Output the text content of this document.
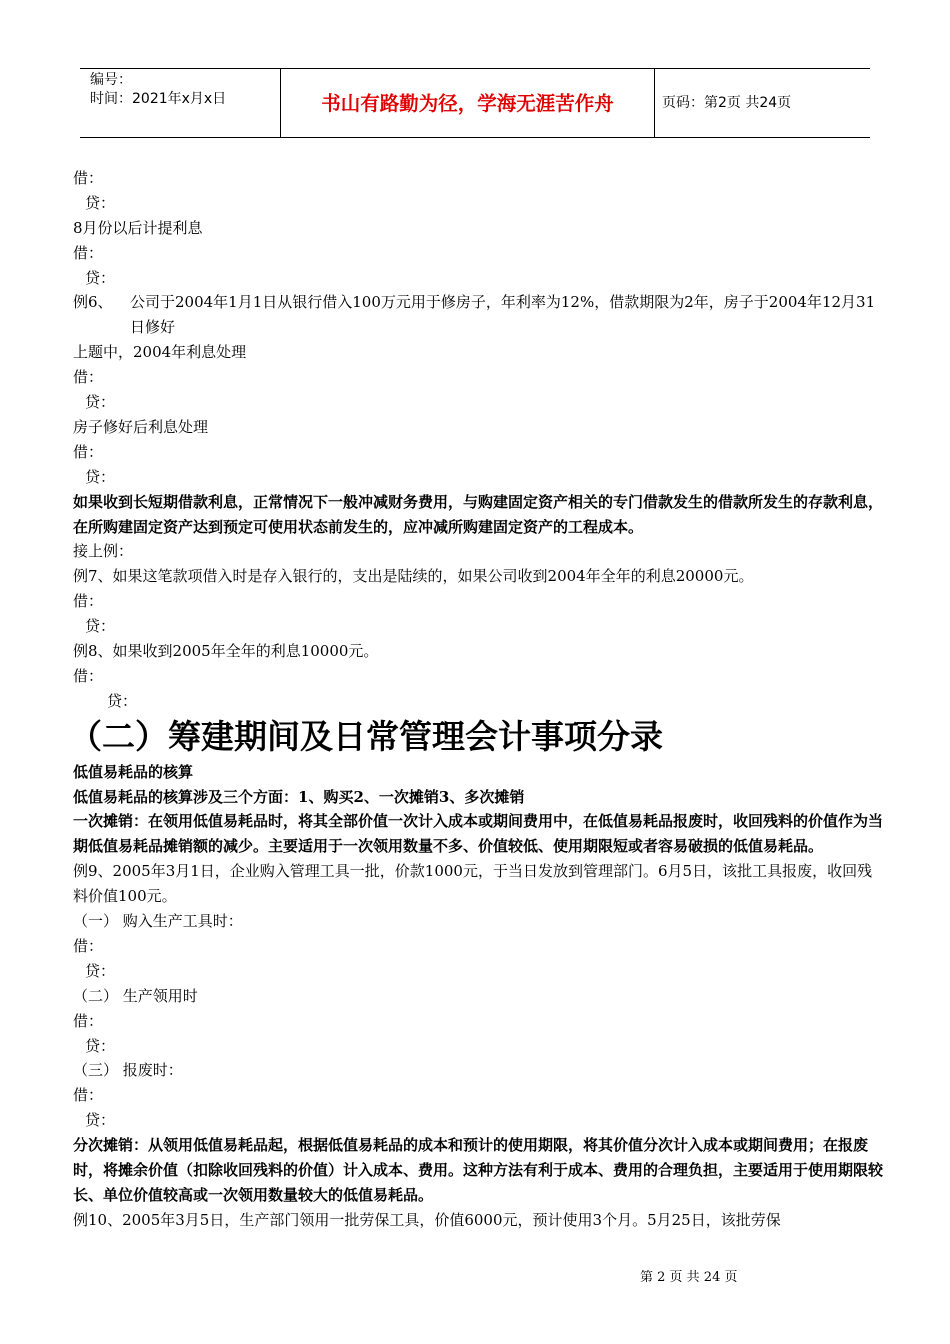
编号：
时间：2021年x月x日	书山有路勤为径，学海无涯苦作舟	页码：第2页 共24页
借：
贷：
8月份以后计提利息
借：
贷：
例6、	公司于2004年1月1日从银行借入100万元用于修房子，年利率为12%，借款期限为2年，房子于2004年12月31日修好
上题中，2004年利息处理
借：
贷：
房子修好后利息处理
借：
贷：
如果收到长短期借款利息，正常情况下一般冲减财务费用，与购建固定资产相关的专门借款发生的借款所发生的存款利息，在所购建固定资产达到预定可使用状态前发生的，应冲减所购建固定资产的工程成本。
接上例：
例7、如果这笔款项借入时是存入银行的，支出是陆续的，如果公司收到2004年全年的利息20000元。
借：
贷：
例8、如果收到2005年全年的利息10000元。
借：
贷：
（二）筹建期间及日常管理会计事项分录
低值易耗品的核算
低值易耗品的核算涉及三个方面：1、购买2、一次摊销3、多次摊销
一次摊销：在领用低值易耗品时，将其全部价值一次计入成本或期间费用中，在低值易耗品报废时，收回残料的价值作为当期低值易耗品摊销额的减少。主要适用于一次领用数量不多、价值较低、使用期限短或者容易破损的低值易耗品。
例9、2005年3月1日，企业购入管理工具一批，价款1000元，于当日发放到管理部门。6月5日，该批工具报废，收回残料价值100元。
（一） 购入生产工具时：
借：
贷：
（二） 生产领用时
借：
贷：
（三） 报废时：
借：
贷：
分次摊销：从领用低值易耗品起，根据低值易耗品的成本和预计的使用期限，将其价值分次计入成本或期间费用；在报废时，将摊余价值（扣除收回残料的价值）计入成本、费用。这种方法有利于成本、费用的合理负担，主要适用于使用期限较长、单位价值较高或一次领用数量较大的低值易耗品。
例10、2005年3月5日，生产部门领用一批劳保工具，价值6000元，预计使用3个月。5月25日，该批劳保
第 2 页 共 24 页
